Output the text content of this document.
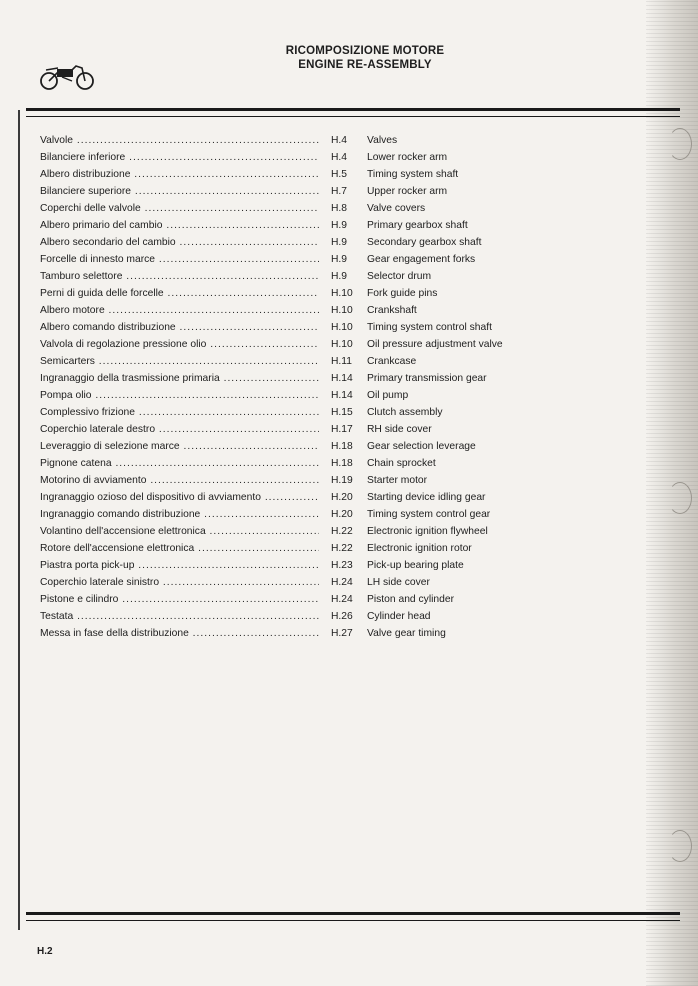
RICOMPOSIZIONE MOTORE
ENGINE RE-ASSEMBLY
Valvole .....	H.4 Valves
Bilanciere inferiore .....	H.4 Lower rocker arm
Albero distribuzione .....	H.5 Timing system shaft
Bilanciere superiore .....	H.7 Upper rocker arm
Coperchi delle valvole .....	H.8 Valve covers
Albero primario del cambio .....	H.9 Primary gearbox shaft
Albero secondario del cambio .....	H.9 Secondary gearbox shaft
Forcelle di innesto marce .....	H.9 Gear engagement forks
Tamburo selettore .....	H.9 Selector drum
Perni di guida delle forcelle .....	H.10 Fork guide pins
Albero motore .....	H.10 Crankshaft
Albero comando distribuzione .....	H.10 Timing system control shaft
Valvola di regolazione pressione olio .....	H.10 Oil pressure adjustment valve
Semicarters .....	H.11 Crankcase
Ingranaggio della trasmissione primaria .....	H.14 Primary transmission gear
Pompa olio .....	H.14 Oil pump
Complessivo frizione .....	H.15 Clutch assembly
Coperchio laterale destro .....	H.17 RH side cover
Leveraggio di selezione marce .....	H.18 Gear selection leverage
Pignone catena .....	H.18 Chain sprocket
Motorino di avviamento .....	H.19 Starter motor
Ingranaggio ozioso del dispositivo di avviamento .....	H.20 Starting device idling gear
Ingranaggio comando distribuzione .....	H.20 Timing system control gear
Volantino dell'accensione elettronica .....	H.22 Electronic ignition flywheel
Rotore dell'accensione elettronica .....	H.22 Electronic ignition rotor
Piastra porta pick-up .....	H.23 Pick-up bearing plate
Coperchio laterale sinistro .....	H.24 LH side cover
Pistone e cilindro .....	H.24 Piston and cylinder
Testata .....	H.26 Cylinder head
Messa in fase della distribuzione .....	H.27 Valve gear timing
H.2
